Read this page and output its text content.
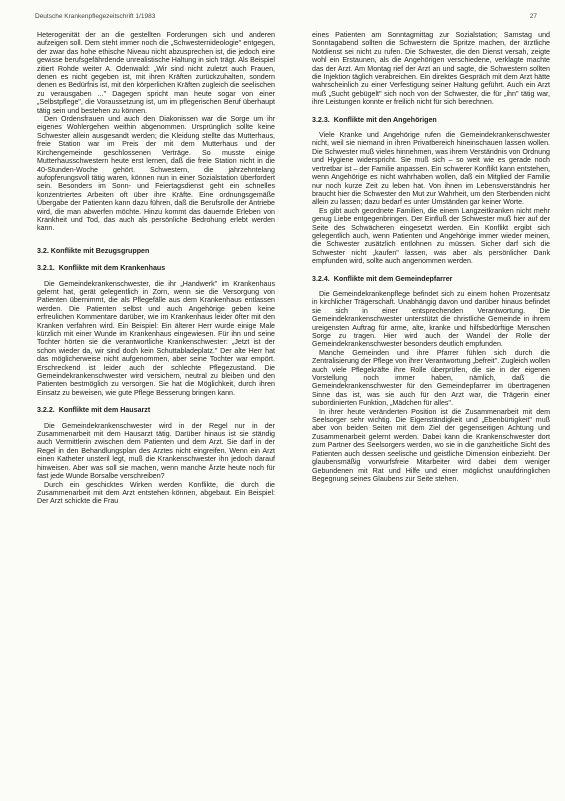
Deutsche Krankenpflegezeitschrift 1/1983	27

Heterogenität der an die gestellten Forderungen sich und anderen aufzeigen soll. Dem steht immer noch die „Schwesternideologie" entgegen, der zwar das hohe ethische Niveau nicht abzusprechen ist, die jedoch eine gewisse berufsgefährdende unrealistische Haltung in sich trägt. Als Beispiel zitiert Rohde weiter A. Odenwald: „Wir sind nicht zuletzt auch Frauen, denen es nicht gegeben ist, mit ihren Kräften zurückzuhalten, sondern denen es Bedürfnis ist, mit den körperlichen Kräften zugleich die seelischen zu verausgaben ..." Dagegen spricht man heute sogar von einer „Selbstpflege", die Voraussetzung ist, um im pflegerischen Beruf überhaupt tätig sein und bestehen zu können.

Den Ordensfrauen und auch den Diakonissen war die Sorge um ihr eigenes Wohlergehen weithin abgenommen. Ursprünglich sollte keine Schwester allein ausgesandt werden; die Kleidung stellte das Mutterhaus, freie Station war im Preis der mit dem Mutterhaus und der Kirchengemeinde geschlossenen Verträge. So musste einige Mutterhausschwestern heute erst lernen, daß die freie Station nicht in die 40-Stunden-Woche gehört. Schwestern, die jahrzehntelang aufopferungsvoll tätig waren, können nun in einer Sozialstation überfordert sein. Besonders im Sonn- und Feiertagsdienst geht ein schnelles konzentriertes Arbeiten oft über ihre Kräfte. Eine ordnungsgemäße Übergabe der Patienten kann dazu führen, daß die Berufsrolle der Antriebe wird, die man abwerfen möchte. Hinzu kommt das dauernde Erleben von Krankheit und Tod, das auch als persönliche Bedrohung erlebt werden kann.

3.2. Konflikte mit Bezugsgruppen
3.2.1. Konflikte mit dem Krankenhaus

Die Gemeindekrankenschwester, die ihr „Handwerk" im Krankenhaus gelernt hat, gerät gelegentlich in Zorn, wenn sie die Versorgung von Patienten übernimmt, die als Pflegefälle aus dem Krankenhaus entlassen werden. Die Patienten selbst und auch Angehörige geben keine erfreulichen Kommentare darüber, wie im Krankenhaus leider öfter mit den Kranken verfahren wird. Ein Beispiel: Ein älterer Herr wurde einige Male kürzlich mit einer Wunde im Krankenhaus eingewiesen. Für ihn und seine Tochter hörten sie die verantwortliche Krankenschwester: „Jetzt ist der schon wieder da, wir sind doch kein Schuttabladeplatz." Der alte Herr hat das möglicherweise nicht aufgenommen, aber seine Tochter war empört. Erschreckend ist leider auch der schlechte Pflegezustand. Die Gemeindekrankenschwester wird versichern, neutral zu bleiben und den Patienten bestmöglich zu versorgen. Sie hat die Möglichkeit, durch ihren Einsatz zu beweisen, wie gute Pflege Besserung bringen kann.

3.2.2. Konflikte mit dem Hausarzt

Die Gemeindekrankenschwester wird in der Regel nur in der Zusammenarbeit mit dem Hausarzt tätig. Darüber hinaus ist sie ständig auch Vermittlerin zwischen dem Patienten und dem Arzt. Sie darf in der Regel in den Behandlungsplan des Arztes nicht eingreifen. Wenn ein Arzt einen Katheter unsteril legt, muß die Krankenschwester ihn jedoch darauf hinweisen. Aber was soll sie machen, wenn manche Ärzte heute noch für fast jede Wunde Borsalbe verschreiben?

Durch ein geschicktes Wirken werden Konflikte, die durch die Zusammenarbeit mit dem Arzt entstehen können, abgebaut. Ein Beispiel: Der Arzt schickte die Frau

eines Patienten am Sonntagmittag zur Sozialstation; Samstag und Sonntagabend sollten die Schwestern die Spritze machen, der ärztliche Notdienst sei nicht zu rufen. Die Schwester, die den Dienst versah, zeigte wohl ein Erstaunen, als die Angehörigen verschiedene, verklagte machte das der Arzt. Am Montag rief der Arzt an und sagte, die Schwestern sollten die Injektion täglich verabreichen. Ein direktes Gespräch mit dem Arzt hätte wahrscheinlich zu einer Verfestigung seiner Haltung geführt. Auch ein Arzt muß „Sucht gebügelt" sich noch von der Schwester, die für „ihn" tätig war, ihre Leistungen konnte er freilich nicht für sich berechnen.

3.2.3. Konflikte mit den Angehörigen

Viele Kranke und Angehörige rufen die Gemeindekrankenschwester nicht, weil sie niemand in ihren Privatbereich hineinschauen lassen wollen. Die Schwester muß vieles hinnehmen, was ihrem Verständnis von Ordnung und Hygiene widerspricht. Sie muß sich – so weit wie es gerade noch vertretbar ist – der Familie anpassen. Ein schwerer Konflikt kann entstehen, wenn Angehörige es nicht wahrhaben wollen, daß ein Mitglied der Familie nur noch kurze Zeit zu leben hat. Von ihnen im Lebensverständnis her braucht hier die Schwester den Mut zur Wahrheit, um den Sterbenden nicht allein zu lassen; dazu bedarf es unter Umständen gar keiner Worte.

Es gibt auch geordnete Familien, die einem Langzeitkranken nicht mehr genug Liebe entgegenbringen. Der Einfluß der Schwester muß hier auf der Seite des Schwächeren eingesetzt werden. Ein Konflikt ergibt sich gelegentlich auch, wenn Patienten und Angehörige immer wieder meinen, die Schwester zusätzlich entlohnen zu müssen. Sicher darf sich die Schwester nicht „kaufen" lassen, was aber als persönlicher Dank empfunden wird, sollte auch angenommen werden.

3.2.4. Konflikte mit dem Gemeindepfarrer

Die Gemeindekrankenpflege befindet sich zu einem hohen Prozentsatz in kirchlicher Trägerschaft. Unabhängig davon und darüber hinaus befindet sie sich in einer entsprechenden Verantwortung. Die Gemeindekrankenschwester unterstützt die christliche Gemeinde in ihrem ureigensten Auftrag für arme, alte, kranke und hilfsbedürftige Menschen Sorge zu tragen. Hier wird auch der Wandel der Rolle der Gemeindekrankenschwester besonders deutlich empfunden.

Manche Gemeinden und ihre Pfarrer fühlen sich durch die Zentralisierung der Pflege von ihrer Verantwortung „befreit". Zugleich wollen auch viele Pflegekräfte ihre Rolle überprüfen, die sie in der eigenen Vorstellung noch immer haben, nämlich, daß die Gemeindekrankenschwester für den Gemeindepfarrer im übertragenen Sinne das ist, was sie auch für den Arzt war, die Trägerin einer subordinierten Funktion, „Mädchen für alles".

In ihrer heute veränderten Position ist die Zusammenarbeit mit dem Seelsorger sehr wichtig. Die Eigenständigkeit und „Ebenbürtigkeit" muß aber von beiden Seiten mit dem Ziel der gegenseitigen Achtung und Zusammenarbeit gelernt werden. Dabei kann die Krankenschwester dort zum Partner des Seelsorgers werden, wo sie in die ganzheitliche Sicht des Patienten auch dessen seelische und geistliche Dimension einbezieht. Der glaubensmäßig vorwurfsfreie Mitarbeiter wird dabei dem weniger Gebundenen mit Rat und Hilfe und einer möglichst unaufdringlichen Begegnung seines Glaubens zur Seite stehen.
